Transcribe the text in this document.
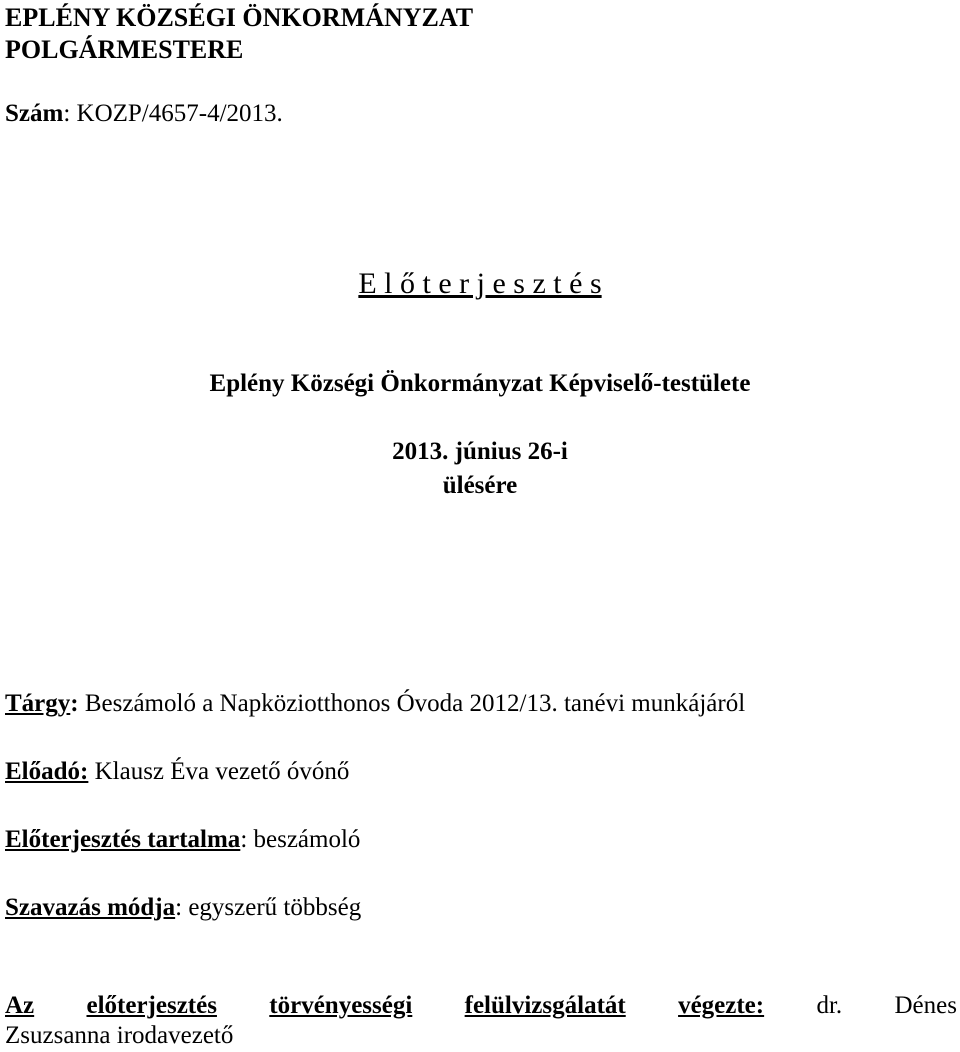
EPLÉNY KÖZSÉGI ÖNKORMÁNYZAT
POLGÁRMESTERE
Szám: KOZP/4657-4/2013.
E l ő t e r j e s z t é s
Eplény Községi Önkormányzat Képviselő-testülete
2013. június 26-i
ülésére
Tárgy: Beszámoló a Napköziotthonos Óvoda 2012/13. tanévi munkájáról
Előadó: Klausz Éva vezető óvónő
Előterjesztés tartalma: beszámoló
Szavazás módja: egyszerű többség
Az előterjesztés törvényességi felülvizsgálatát végezte: dr. Dénes
Zsuzsanna irodavezető
